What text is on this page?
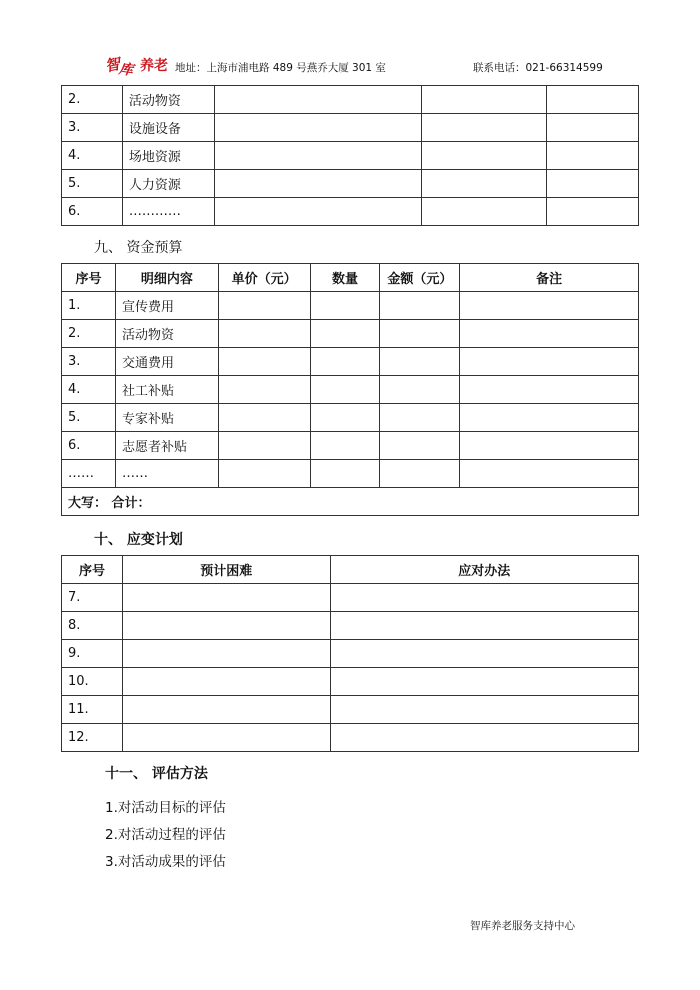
智
库 养老 地址：上海市浦电路 489 号燕乔大厦 301 室	联系电话：021-66314599
2.	活动物资			
3.	设施设备			
4.	场地资源			
5.	人力资源			
6.	…………			
九、 资金预算
序号	明细内容	单价（元）	数量	金额（元）	备注
1.	宣传费用				
2.	活动物资				
3.	交通费用				
4.	社工补贴				
5.	专家补贴				
6.	志愿者补贴				
……	……				
大写： 合计：					
十、 应变计划
序号	预计困难	应对办法
7.		
8.		
9.		
10.		
11.		
12.		
十一、 评估方法
1.对活动目标的评估
2.对活动过程的评估
3.对活动成果的评估
智库养老服务支持中心
